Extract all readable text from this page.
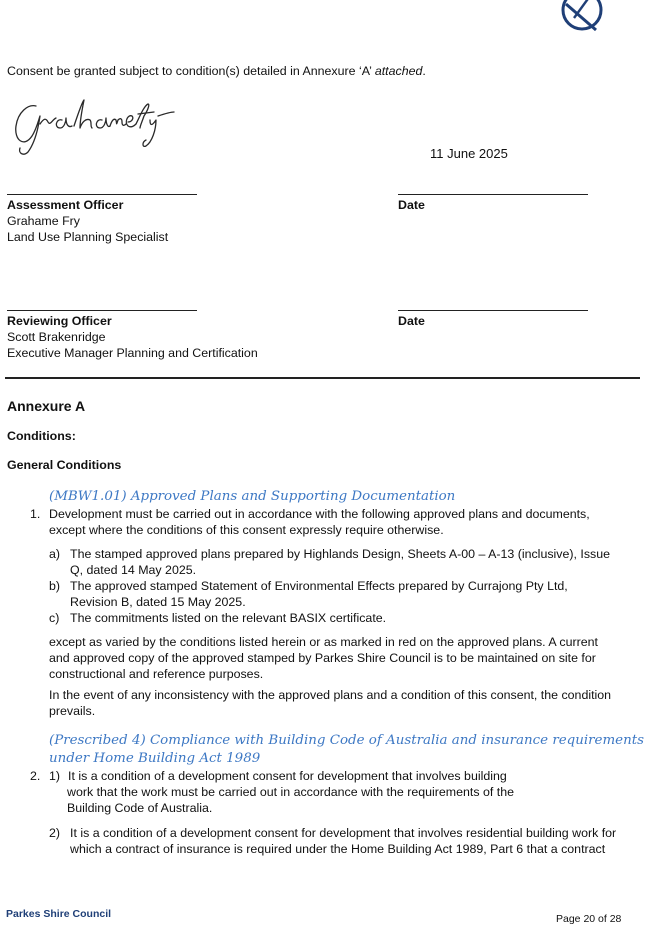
Consent be granted subject to condition(s) detailed in Annexure ‘A’ attached.
11 June 2025
Assessment Officer	Date
Grahame Fry
Land Use Planning Specialist
Reviewing Officer	Date
Scott Brakenridge
Executive Manager Planning and Certification
Annexure A
Conditions:
General Conditions
(MBW1.01) Approved Plans and Supporting Documentation
1. Development must be carried out in accordance with the following approved plans and documents,
except where the conditions of this consent expressly require otherwise.
a) The stamped approved plans prepared by Highlands Design, Sheets A-00 – A-13 (inclusive), Issue
Q, dated 14 May 2025.
b) The approved stamped Statement of Environmental Effects prepared by Currajong Pty Ltd,
Revision B, dated 15 May 2025.
c) The commitments listed on the relevant BASIX certificate.
except as varied by the conditions listed herein or as marked in red on the approved plans. A current
and approved copy of the approved stamped by Parkes Shire Council is to be maintained on site for
constructional and reference purposes.
In the event of any inconsistency with the approved plans and a condition of this consent, the condition
prevails.
(Prescribed 4) Compliance with Building Code of Australia and insurance requirements
under Home Building Act 1989
2. 1) It is a condition of a development consent for development that involves building
work that the work must be carried out in accordance with the requirements of the
Building Code of Australia.
2) It is a condition of a development consent for development that involves residential building work for
which a contract of insurance is required under the Home Building Act 1989, Part 6 that a contract
Parkes Shire Council	Page 20 of 28
